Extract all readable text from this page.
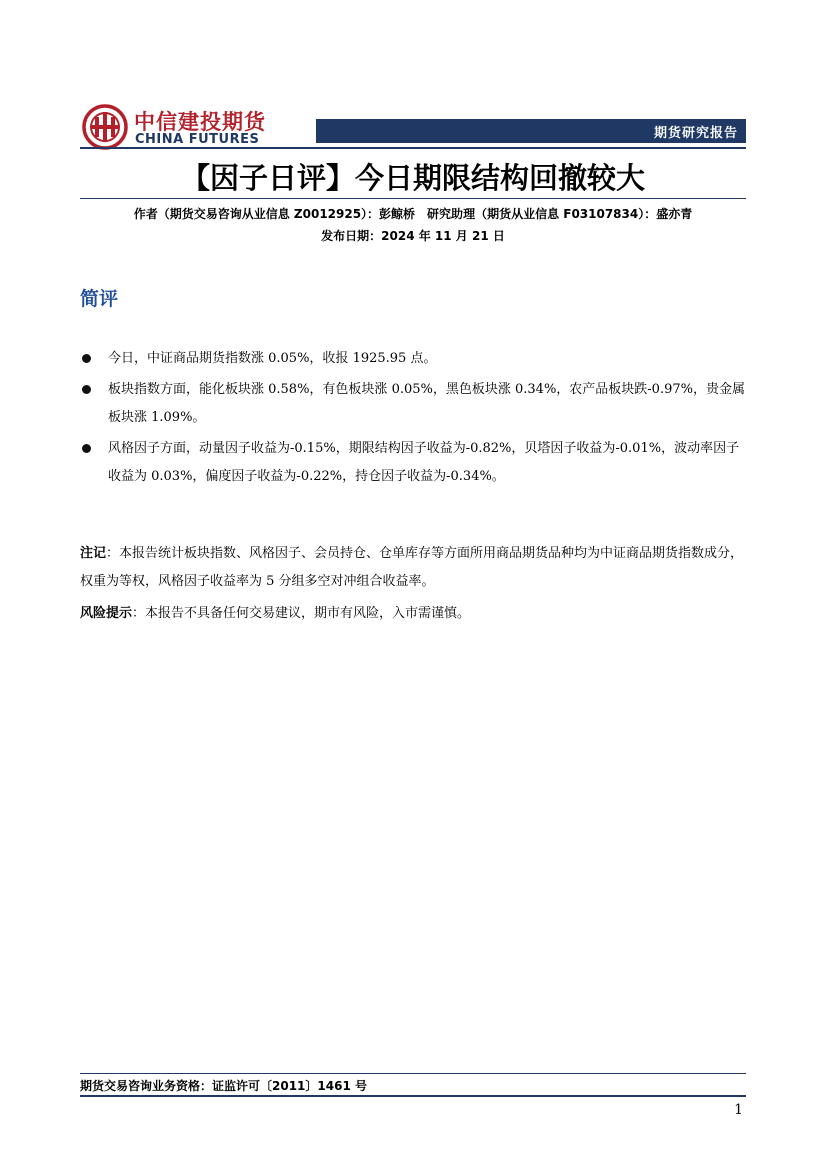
中信建投期货
CHINA FUTURES	期货研究报告
【因子日评】今日期限结构回撤较大
作者（期货交易咨询从业信息 Z0012925）：彭鲸桥　研究助理（期货从业信息 F03107834）：盛亦青
发布日期：2024 年 11 月 21 日
简评
今日，中证商品期货指数涨 0.05%，收报 1925.95 点。
板块指数方面，能化板块涨 0.58%，有色板块涨 0.05%，黑色板块涨 0.34%，农产品板块跌-0.97%，贵金属板块涨 1.09%。
风格因子方面，动量因子收益为-0.15%，期限结构因子收益为-0.82%，贝塔因子收益为-0.01%，波动率因子收益为 0.03%，偏度因子收益为-0.22%，持仓因子收益为-0.34%。

注记：本报告统计板块指数、风格因子、会员持仓、仓单库存等方面所用商品期货品种均为中证商品期货指数成分，权重为等权，风格因子收益率为 5 分组多空对冲组合收益率。

风险提示：本报告不具备任何交易建议，期市有风险，入市需谨慎。

期货交易咨询业务资格：证监许可〔2011〕1461 号
1
